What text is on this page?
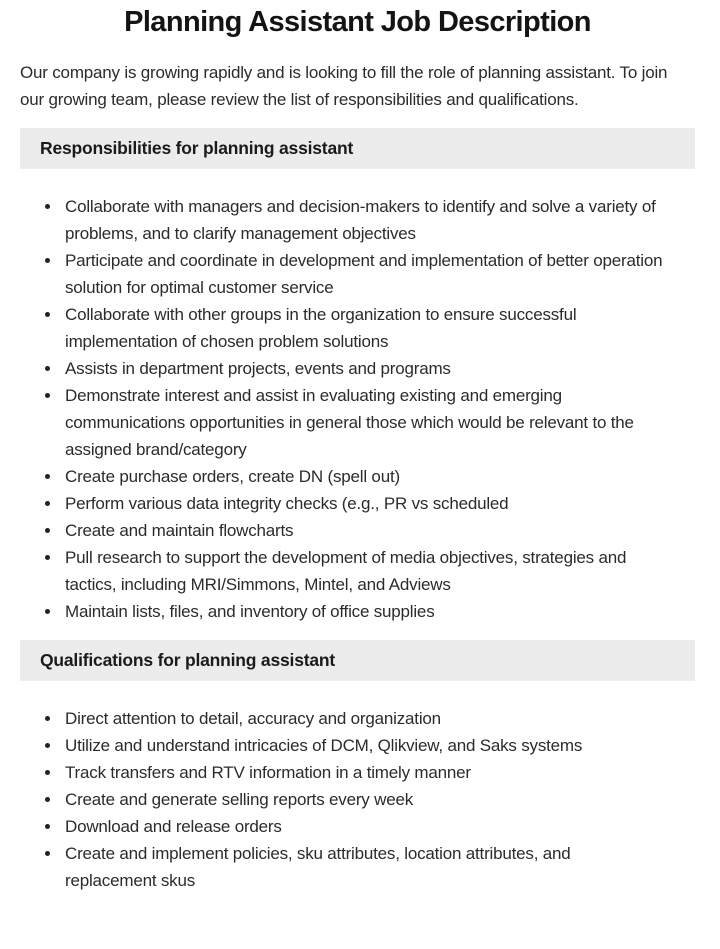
Planning Assistant Job Description

Our company is growing rapidly and is looking to fill the role of planning assistant. To join our growing team, please review the list of responsibilities and qualifications.

Responsibilities for planning assistant
• Collaborate with managers and decision-makers to identify and solve a variety of problems, and to clarify management objectives
• Participate and coordinate in development and implementation of better operation solution for optimal customer service
• Collaborate with other groups in the organization to ensure successful implementation of chosen problem solutions
• Assists in department projects, events and programs
• Demonstrate interest and assist in evaluating existing and emerging communications opportunities in general those which would be relevant to the assigned brand/category
• Create purchase orders, create DN (spell out)
• Perform various data integrity checks (e.g., PR vs scheduled
• Create and maintain flowcharts
• Pull research to support the development of media objectives, strategies and tactics, including MRI/Simmons, Mintel, and Adviews
• Maintain lists, files, and inventory of office supplies
Qualifications for planning assistant
• Direct attention to detail, accuracy and organization
• Utilize and understand intricacies of DCM, Qlikview, and Saks systems
• Track transfers and RTV information in a timely manner
• Create and generate selling reports every week
• Download and release orders
• Create and implement policies, sku attributes, location attributes, and replacement skus
